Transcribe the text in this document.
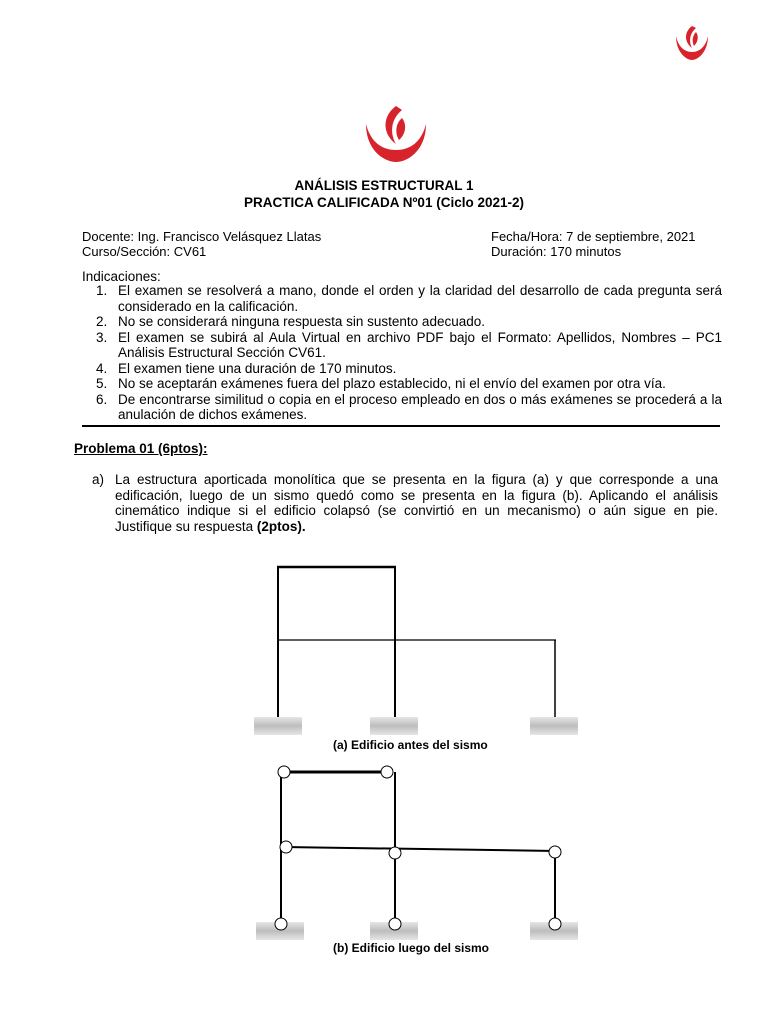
ANÁLISIS ESTRUCTURAL 1
PRACTICA CALIFICADA Nº01 (Ciclo 2021-2)
Docente: Ing. Francisco Velásquez Llatas
Curso/Sección: CV61
Fecha/Hora: 7 de septiembre, 2021
Duración: 170 minutos
Indicaciones:
1. El examen se resolverá a mano, donde el orden y la claridad del desarrollo de cada pregunta será considerado en la calificación.
2. No se considerará ninguna respuesta sin sustento adecuado.
3. El examen se subirá al Aula Virtual en archivo PDF bajo el Formato: Apellidos, Nombres – PC1 Análisis Estructural Sección CV61.
4. El examen tiene una duración de 170 minutos.
5. No se aceptarán exámenes fuera del plazo establecido, ni el envío del examen por otra vía.
6. De encontrarse similitud o copia en el proceso empleado en dos o más exámenes se procederá a la anulación de dichos exámenes.
Problema 01 (6ptos):
a) La estructura aporticada monolítica que se presenta en la figura (a) y que corresponde a una edificación, luego de un sismo quedó como se presenta en la figura (b). Aplicando el análisis cinemático indique si el edificio colapsó (se convirtió en un mecanismo) o aún sigue en pie. Justifique su respuesta (2ptos).
(a) Edificio antes del sismo
(b) Edificio luego del sismo
